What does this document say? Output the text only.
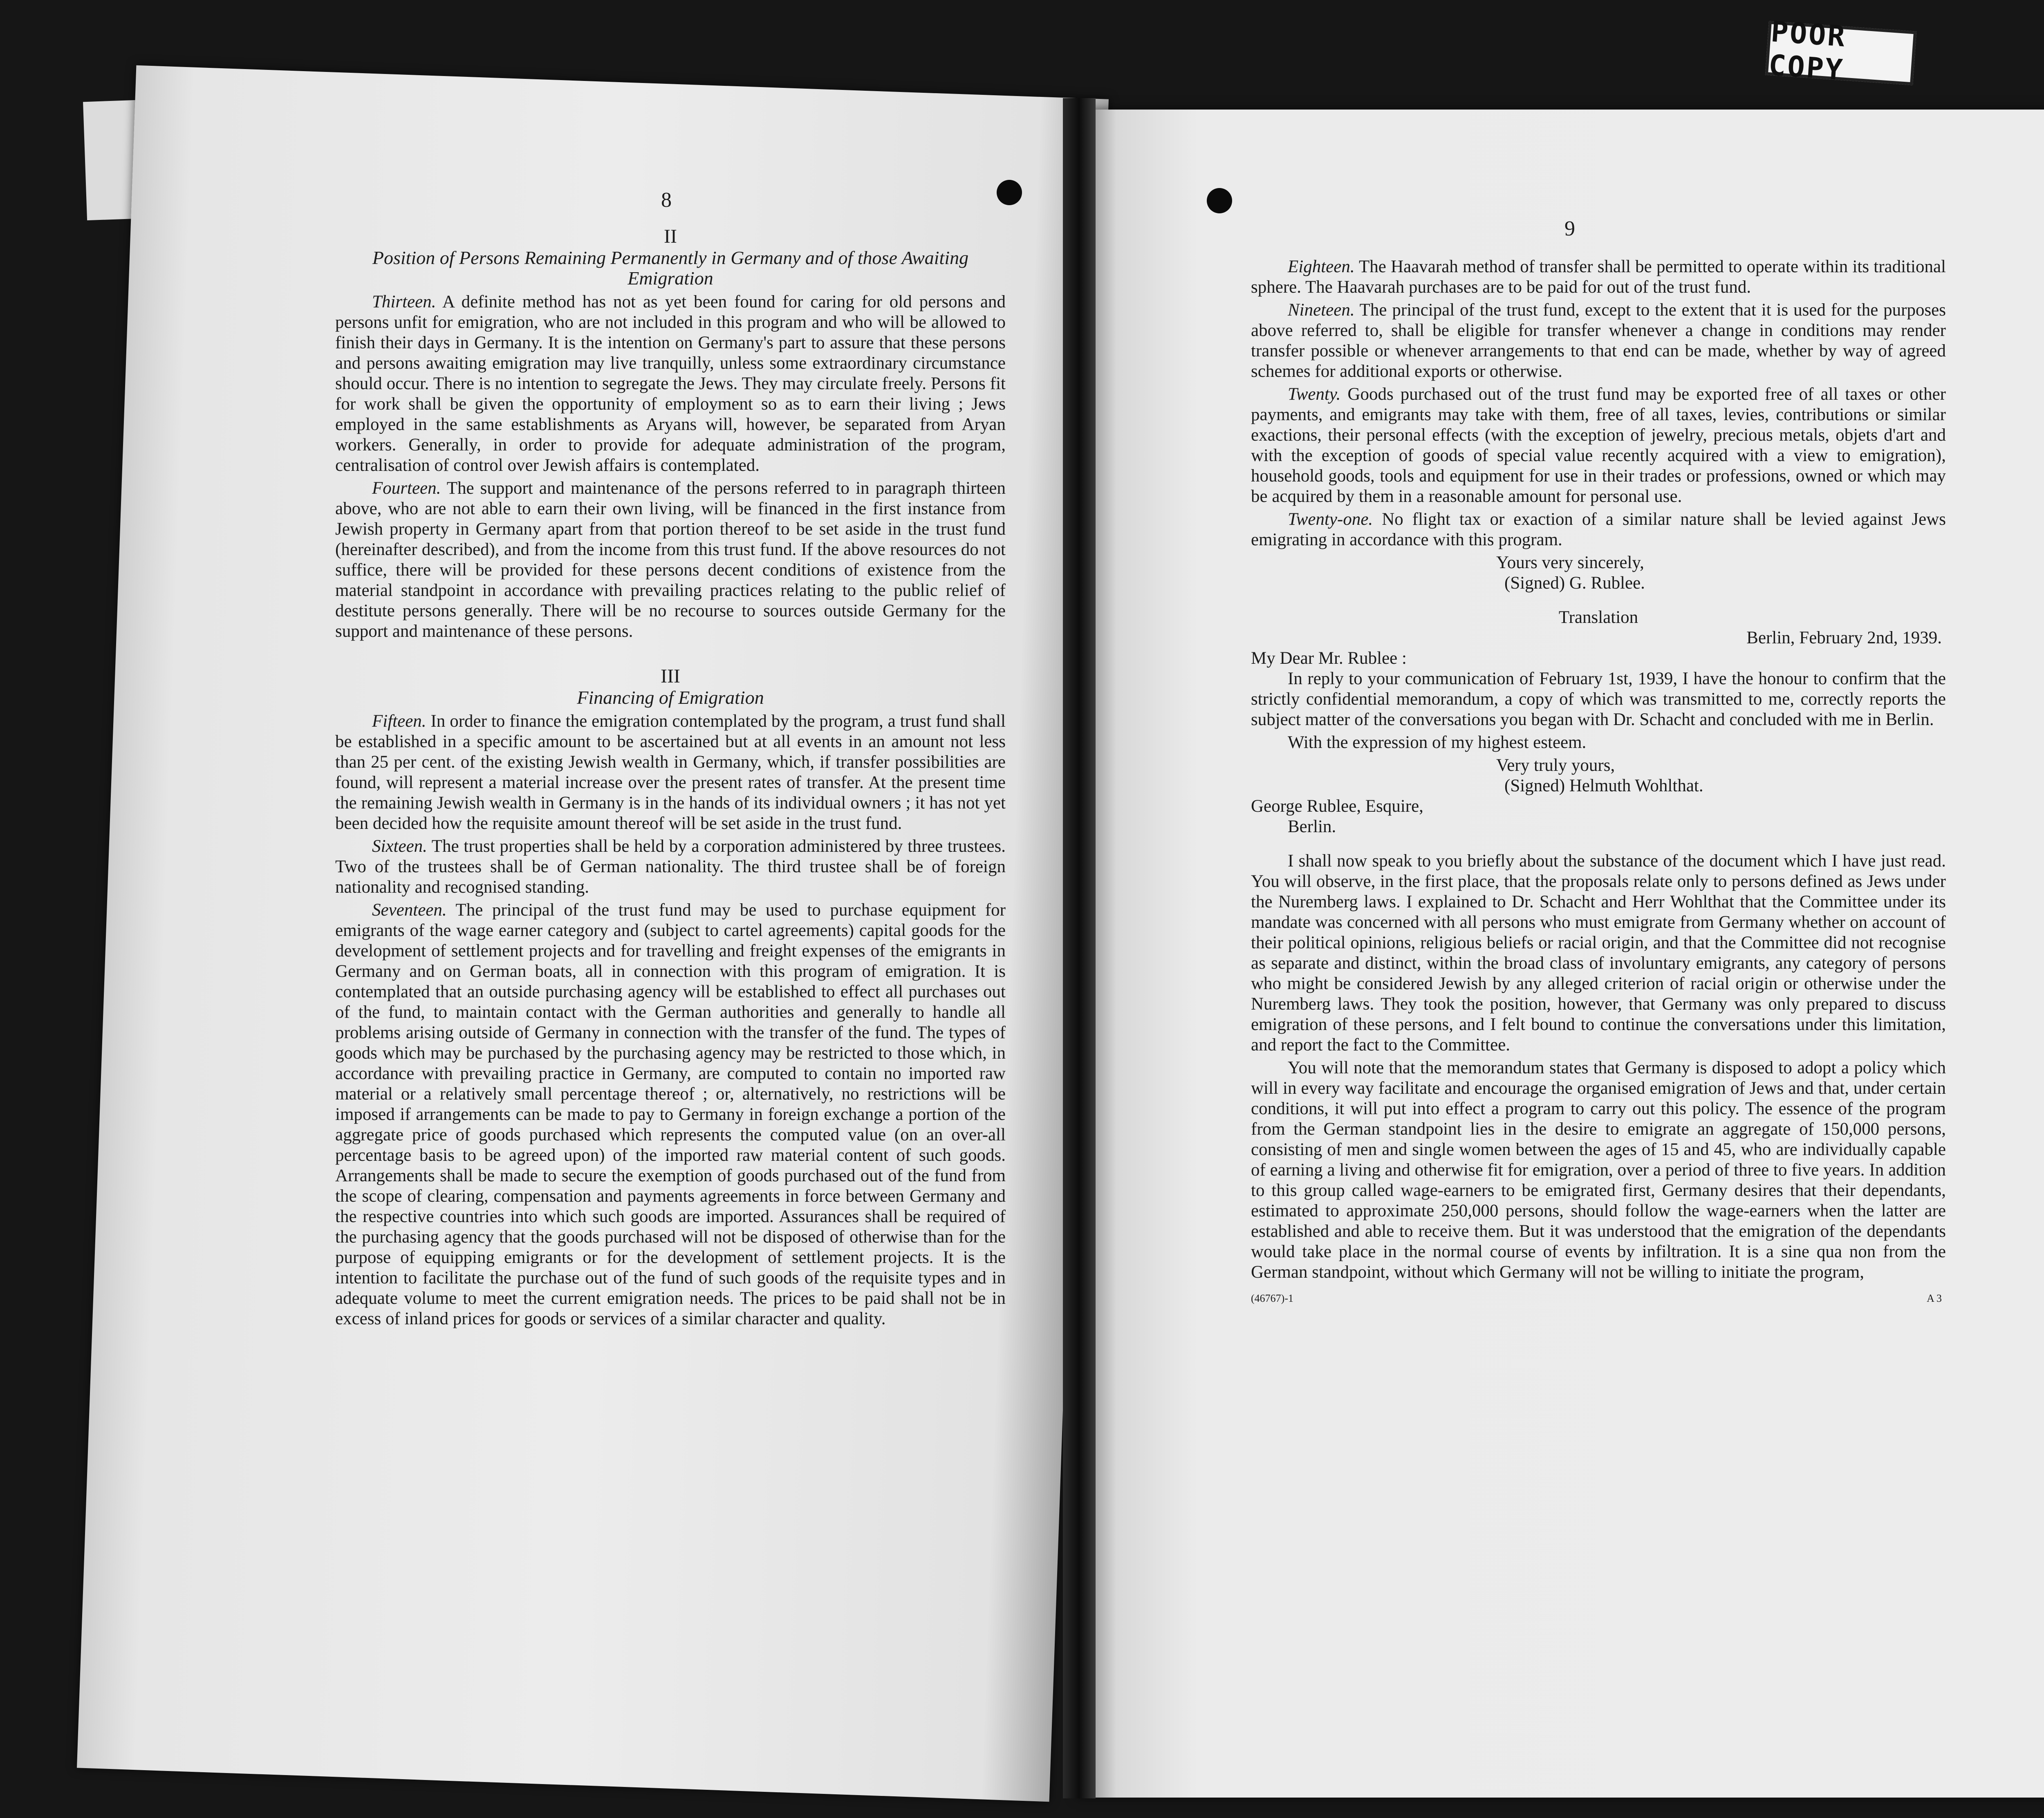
POOR COPY
8
9
II
Position of Persons Remaining Permanently in Germany and of those Awaiting Emigration

Thirteen. A definite method has not as yet been found for caring for old persons and persons unfit for emigration, who are not included in this program and who will be allowed to finish their days in Germany. It is the intention on Germany's part to assure that these persons and persons awaiting emigration may live tranquilly, unless some extraordinary circumstance should occur. There is no intention to segregate the Jews. They may circulate freely. Persons fit for work shall be given the opportunity of employment so as to earn their living ; Jews employed in the same establishments as Aryans will, however, be separated from Aryan workers. Generally, in order to provide for adequate administration of the program, centralisation of control over Jewish affairs is contemplated.

Fourteen. The support and maintenance of the persons referred to in paragraph thirteen above, who are not able to earn their own living, will be financed in the first instance from Jewish property in Germany apart from that portion thereof to be set aside in the trust fund (hereinafter described), and from the income from this trust fund. If the above resources do not suffice, there will be provided for these persons decent conditions of existence from the material standpoint in accordance with prevailing practices relating to the public relief of destitute persons generally. There will be no recourse to sources outside Germany for the support and maintenance of these persons.

III
Financing of Emigration

Fifteen. In order to finance the emigration contemplated by the program, a trust fund shall be established in a specific amount to be ascertained but at all events in an amount not less than 25 per cent. of the existing Jewish wealth in Germany, which, if transfer possibilities are found, will represent a material increase over the present rates of transfer. At the present time the remaining Jewish wealth in Germany is in the hands of its individual owners ; it has not yet been decided how the requisite amount thereof will be set aside in the trust fund.

Sixteen. The trust properties shall be held by a corporation administered by three trustees. Two of the trustees shall be of German nationality. The third trustee shall be of foreign nationality and recognised standing.

Seventeen. The principal of the trust fund may be used to purchase equipment for emigrants of the wage earner category and (subject to cartel agreements) capital goods for the development of settlement projects and for travelling and freight expenses of the emigrants in Germany and on German boats, all in connection with this program of emigration. It is contemplated that an outside purchasing agency will be established to effect all purchases out of the fund, to maintain contact with the German authorities and generally to handle all problems arising outside of Germany in connection with the transfer of the fund. The types of goods which may be purchased by the purchasing agency may be restricted to those which, in accordance with prevailing practice in Germany, are computed to contain no imported raw material or a relatively small percentage thereof ; or, alternatively, no restrictions will be imposed if arrangements can be made to pay to Germany in foreign exchange a portion of the aggregate price of goods purchased which represents the computed value (on an over-all percentage basis to be agreed upon) of the imported raw material content of such goods. Arrangements shall be made to secure the exemption of goods purchased out of the fund from the scope of clearing, compensation and payments agreements in force between Germany and the respective countries into which such goods are imported. Assurances shall be required of the purchasing agency that the goods purchased will not be disposed of otherwise than for the purpose of equipping emigrants or for the development of settlement projects. It is the intention to facilitate the purchase out of the fund of such goods of the requisite types and in adequate volume to meet the current emigration needs. The prices to be paid shall not be in excess of inland prices for goods or services of a similar character and quality.

Eighteen. The Haavarah method of transfer shall be permitted to operate within its traditional sphere. The Haavarah purchases are to be paid for out of the trust fund.

Nineteen. The principal of the trust fund, except to the extent that it is used for the purposes above referred to, shall be eligible for transfer whenever a change in conditions may render transfer possible or whenever arrangements to that end can be made, whether by way of agreed schemes for additional exports or otherwise.

Twenty. Goods purchased out of the trust fund may be exported free of all taxes or other payments, and emigrants may take with them, free of all taxes, levies, contributions or similar exactions, their personal effects (with the exception of jewelry, precious metals, objets d'art and with the exception of goods of special value recently acquired with a view to emigration), household goods, tools and equipment for use in their trades or professions, owned or which may be acquired by them in a reasonable amount for personal use.

Twenty-one. No flight tax or exaction of a similar nature shall be levied against Jews emigrating in accordance with this program.

Yours very sincerely,
(Signed) G. Rublee.
Translation
Berlin, February 2nd, 1939.
My Dear Mr. Rublee :

In reply to your communication of February 1st, 1939, I have the honour to confirm that the strictly confidential memorandum, a copy of which was transmitted to me, correctly reports the subject matter of the conversations you began with Dr. Schacht and concluded with me in Berlin.

With the expression of my highest esteem.

Very truly yours,
(Signed) Helmuth Wohlthat.
George Rublee, Esquire,
Berlin.

I shall now speak to you briefly about the substance of the document which I have just read. You will observe, in the first place, that the proposals relate only to persons defined as Jews under the Nuremberg laws. I explained to Dr. Schacht and Herr Wohlthat that the Committee under its mandate was concerned with all persons who must emigrate from Germany whether on account of their political opinions, religious beliefs or racial origin, and that the Committee did not recognise as separate and distinct, within the broad class of involuntary emigrants, any category of persons who might be considered Jewish by any alleged criterion of racial origin or otherwise under the Nuremberg laws. They took the position, however, that Germany was only prepared to discuss emigration of these persons, and I felt bound to continue the conversations under this limitation, and report the fact to the Committee.

You will note that the memorandum states that Germany is disposed to adopt a policy which will in every way facilitate and encourage the organised emigration of Jews and that, under certain conditions, it will put into effect a program to carry out this policy. The essence of the program from the German standpoint lies in the desire to emigrate an aggregate of 150,000 persons, consisting of men and single women between the ages of 15 and 45, who are individually capable of earning a living and otherwise fit for emigration, over a period of three to five years. In addition to this group called wage-earners to be emigrated first, Germany desires that their dependants, estimated to approximate 250,000 persons, should follow the wage-earners when the latter are established and able to receive them. But it was understood that the emigration of the dependants would take place in the normal course of events by infiltration. It is a sine qua non from the German standpoint, without which Germany will not be willing to initiate the program,

(46767)-1	A 3
